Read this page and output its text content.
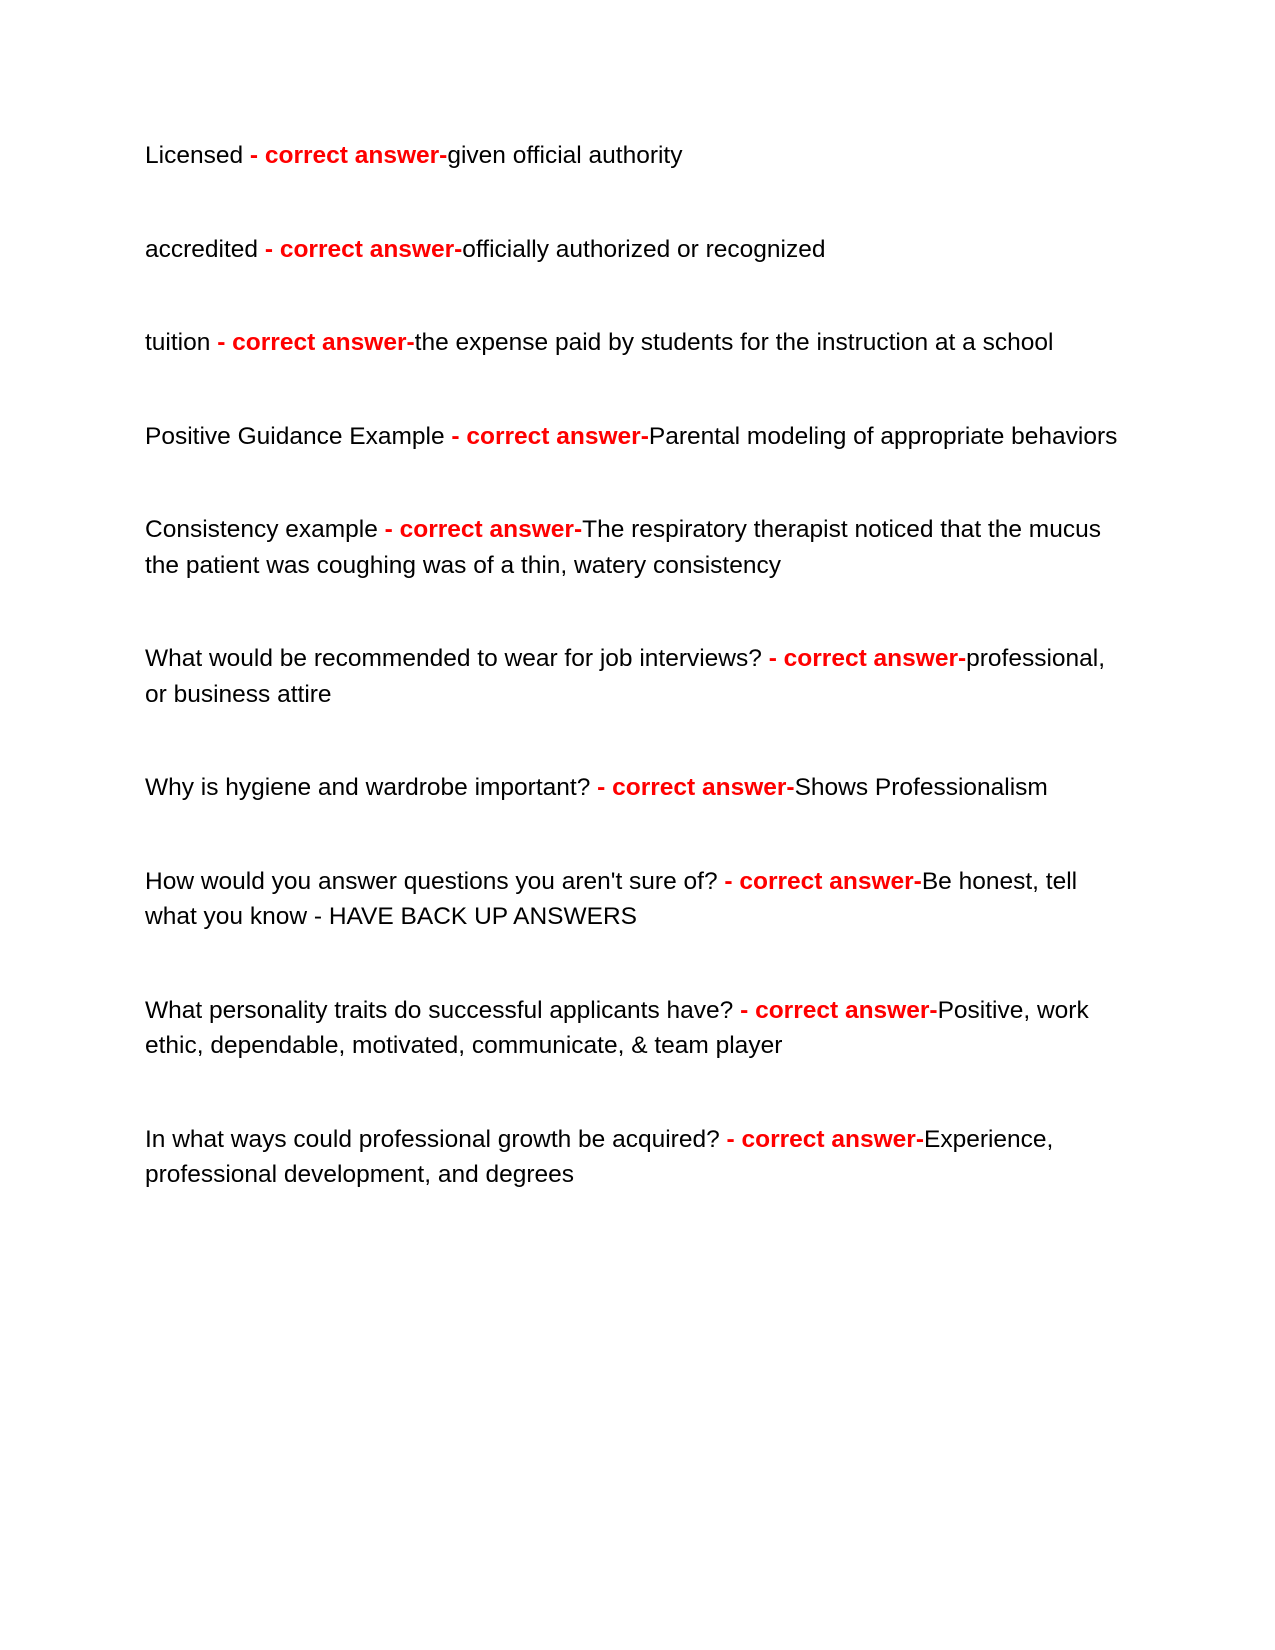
Licensed - correct answer-given official authority

accredited - correct answer-officially authorized or recognized

tuition - correct answer-the expense paid by students for the instruction at a school

Positive Guidance Example - correct answer-Parental modeling of appropriate behaviors

Consistency example - correct answer-The respiratory therapist noticed that the mucus the patient was coughing was of a thin, watery consistency

What would be recommended to wear for job interviews? - correct answer-professional, or business attire

Why is hygiene and wardrobe important? - correct answer-Shows Professionalism

How would you answer questions you aren't sure of? - correct answer-Be honest, tell what you know - HAVE BACK UP ANSWERS

What personality traits do successful applicants have? - correct answer-Positive, work ethic, dependable, motivated, communicate, & team player

In what ways could professional growth be acquired? - correct answer-Experience, professional development, and degrees
